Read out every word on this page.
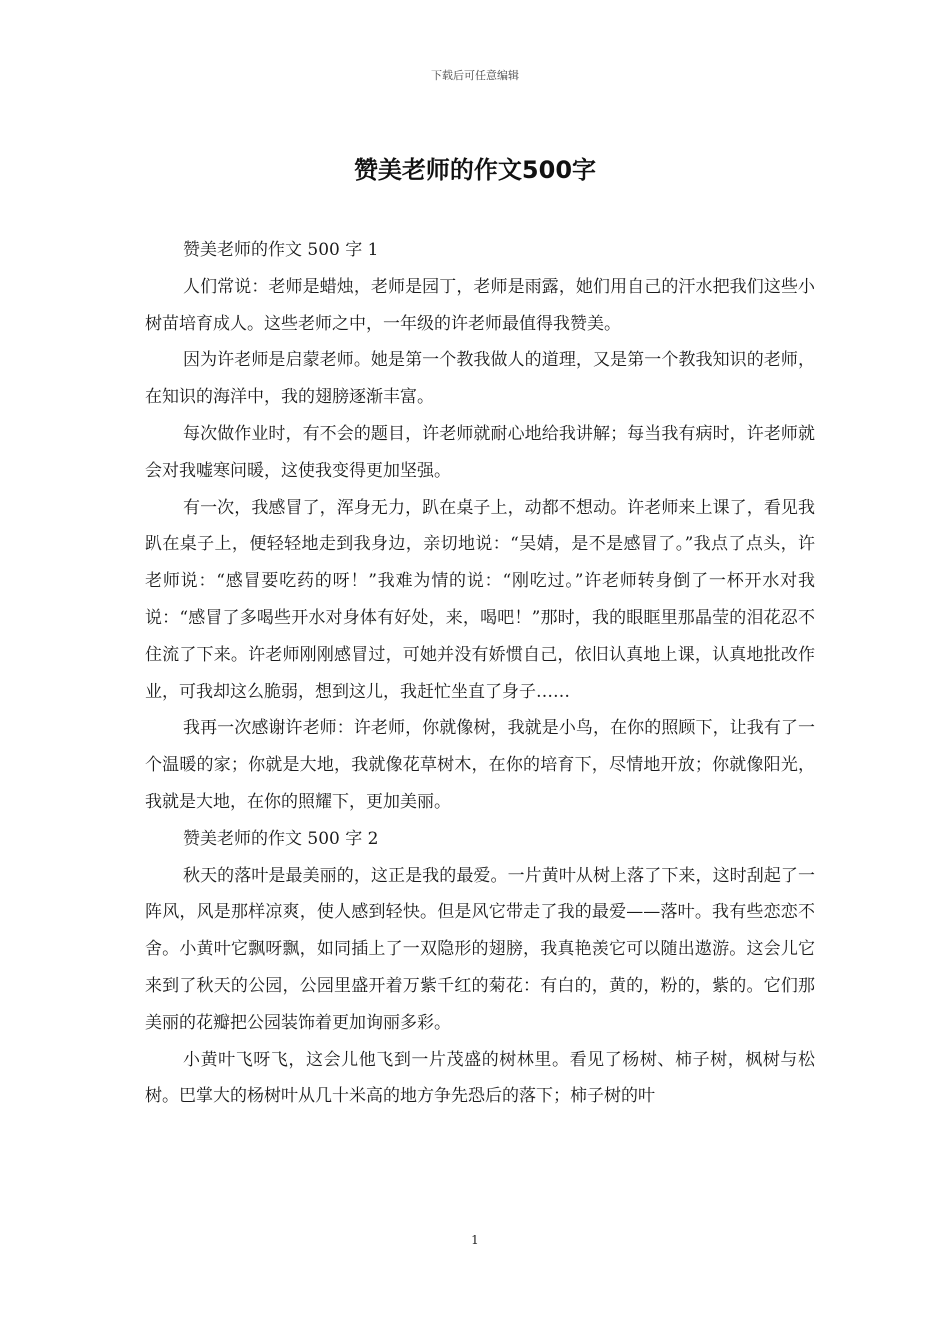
下载后可任意编辑
赞美老师的作文500字

赞美老师的作文 500 字 1

人们常说：老师是蜡烛，老师是园丁，老师是雨露，她们用自己的汗水把我们这些小树苗培育成人。这些老师之中，一年级的许老师最值得我赞美。

因为许老师是启蒙老师。她是第一个教我做人的道理，又是第一个教我知识的老师，在知识的海洋中，我的翅膀逐渐丰富。

每次做作业时，有不会的题目，许老师就耐心地给我讲解；每当我有病时，许老师就会对我嘘寒问暖，这使我变得更加坚强。

有一次，我感冒了，浑身无力，趴在桌子上，动都不想动。许老师来上课了，看见我趴在桌子上，便轻轻地走到我身边，亲切地说：“吴婧，是不是感冒了。”我点了点头，许老师说：“感冒要吃药的呀！”我难为情的说：“刚吃过。”许老师转身倒了一杯开水对我说：“感冒了多喝些开水对身体有好处，来，喝吧！”那时，我的眼眶里那晶莹的泪花忍不住流了下来。许老师刚刚感冒过，可她并没有娇惯自己，依旧认真地上课，认真地批改作业，可我却这么脆弱，想到这儿，我赶忙坐直了身子……

我再一次感谢许老师：许老师，你就像树，我就是小鸟，在你的照顾下，让我有了一个温暖的家；你就是大地，我就像花草树木，在你的培育下，尽情地开放；你就像阳光，我就是大地，在你的照耀下，更加美丽。

赞美老师的作文 500 字 2

秋天的落叶是最美丽的，这正是我的最爱。一片黄叶从树上落了下来，这时刮起了一阵风，风是那样凉爽，使人感到轻快。但是风它带走了我的最爱——落叶。我有些恋恋不舍。小黄叶它飘呀飘，如同插上了一双隐形的翅膀，我真艳羡它可以随出遨游。这会儿它来到了秋天的公园，公园里盛开着万紫千红的菊花：有白的，黄的，粉的，紫的。它们那美丽的花瓣把公园装饰着更加询丽多彩。

小黄叶飞呀飞，这会儿他飞到一片茂盛的树林里。看见了杨树、柿子树，枫树与松树。巴掌大的杨树叶从几十米高的地方争先恐后的落下；柿子树的叶

1
